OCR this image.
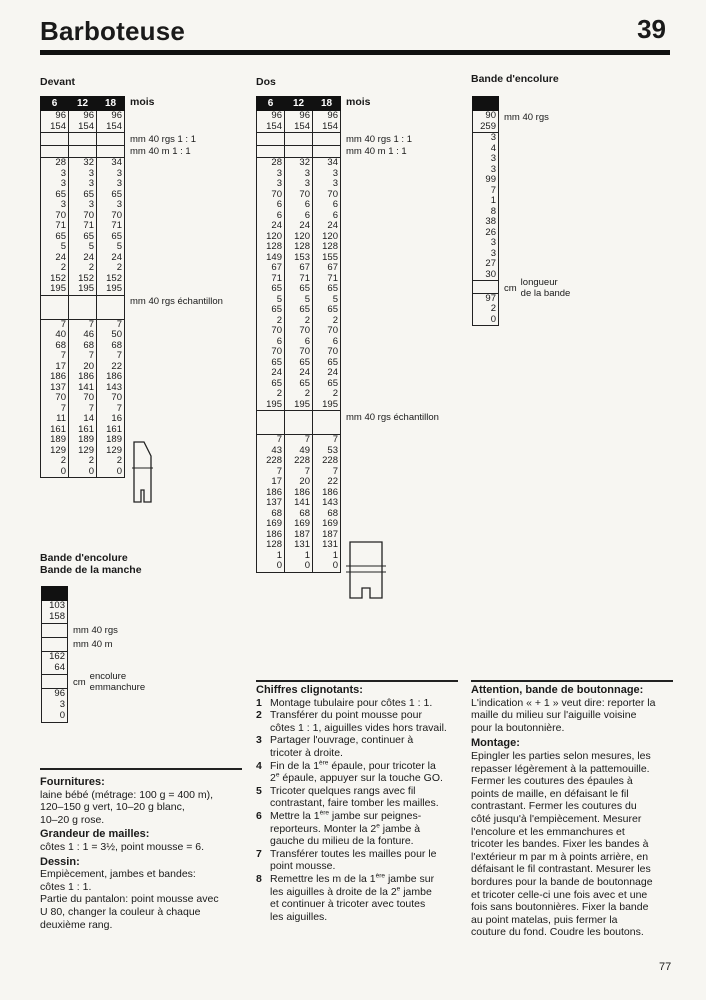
Barboteuse	39
Devant	Dos	Bande d'encolure
6	12	18
96	96	96
154	154	154

28	32	34
3	3	3
3	3	3
65	65	65
3	3	3
70	70	70
71	71	71
65	65	65
5	5	5
24	24	24
2	2	2
152	152	152
195	195	195

7	7	7
40	46	50
68	68	68
7	7	7
17	20	22
186	186	186
137	141	143
70	70	70
7	7	7
11	14	16
161	161	161
189	189	189
129	129	129
2	2	2
0	0	0
mm 40 rgs 1 : 1
mm 40 m 1 : 1
mm 40 rgs échantillon
mois	6	12	18
96	96	96
154	154	154

28	32	34
3	3	3
3	3	3
70	70	70
6	6	6
6	6	6
24	24	24
120	120	120
128	128	128
149	153	155
67	67	67
71	71	71
65	65	65
5	5	5
65	65	65
2	2	2
70	70	70
6	6	6
70	70	70
65	65	65
24	24	24
65	65	65
2	2	2
195	195	195

7	7	7
43	49	53
228	228	228
7	7	7
17	20	22
186	186	186
137	141	143
68	68	68
169	169	169
186	187	187
128	131	131
1	1	1
0	0	0
mm 40 rgs 1 : 1
mm 40 m 1 : 1
mm 40 rgs échantillon
mois

90
259
3
4
3
3
99
7
1
8
38
26
3
3
27
30

97
2
0
mm 40 rgs
cm
longueur
de la bande

103
158

162
64

96
3
0
mm 40 rgs
mm 40 m
cm
encolure
emmanchure
Bande d'encolure
Bande de la manche
Fournitures:
laine bébé (métrage: 100 g = 400 m),
120–150 g vert, 10–20 g blanc,
10–20 g rose.
Grandeur de mailles:
côtes 1 : 1 = 3½, point mousse = 6.
Dessin:
Empiècement, jambes et bandes:
côtes 1 : 1.
Partie du pantalon: point mousse avec
U 80, changer la couleur à chaque
deuxième rang.
Chiffres clignotants:
1 Montage tubulaire pour côtes 1 : 1.
2 Transférer du point mousse pour
côtes 1 : 1, aiguilles vides hors travail.
3 Partager l'ouvrage, continuer à
tricoter à droite.
4 Fin de la 1ère épaule, pour tricoter la
2e épaule, appuyer sur la touche GO.
5 Tricoter quelques rangs avec fil
contrastant, faire tomber les mailles.
6 Mettre la 1ère jambe sur peignes-
reporteurs. Monter la 2e jambe à
gauche du milieu de la fonture.
7 Transférer toutes les mailles pour le
point mousse.
8 Remettre les m de la 1ère jambe sur
les aiguilles à droite de la 2e jambe
et continuer à tricoter avec toutes
les aiguilles.
Attention, bande de boutonnage:
L'indication « + 1 » veut dire: reporter la
maille du milieu sur l'aiguille voisine
pour la boutonnière.
Montage:
Epingler les parties selon mesures, les
repasser légèrement à la pattemouille.
Fermer les coutures des épaules à
points de maille, en défaisant le fil
contrastant. Fermer les coutures du
côté jusqu'à l'empiècement. Mesurer
l'encolure et les emmanchures et
tricoter les bandes. Fixer les bandes à
l'extérieur m par m à points arrière, en
défaisant le fil contrastant. Mesurer les
bordures pour la bande de boutonnage
et tricoter celle-ci une fois avec et une
fois sans boutonnières. Fixer la bande
au point matelas, puis fermer la
couture du fond. Coudre les boutons.
77
